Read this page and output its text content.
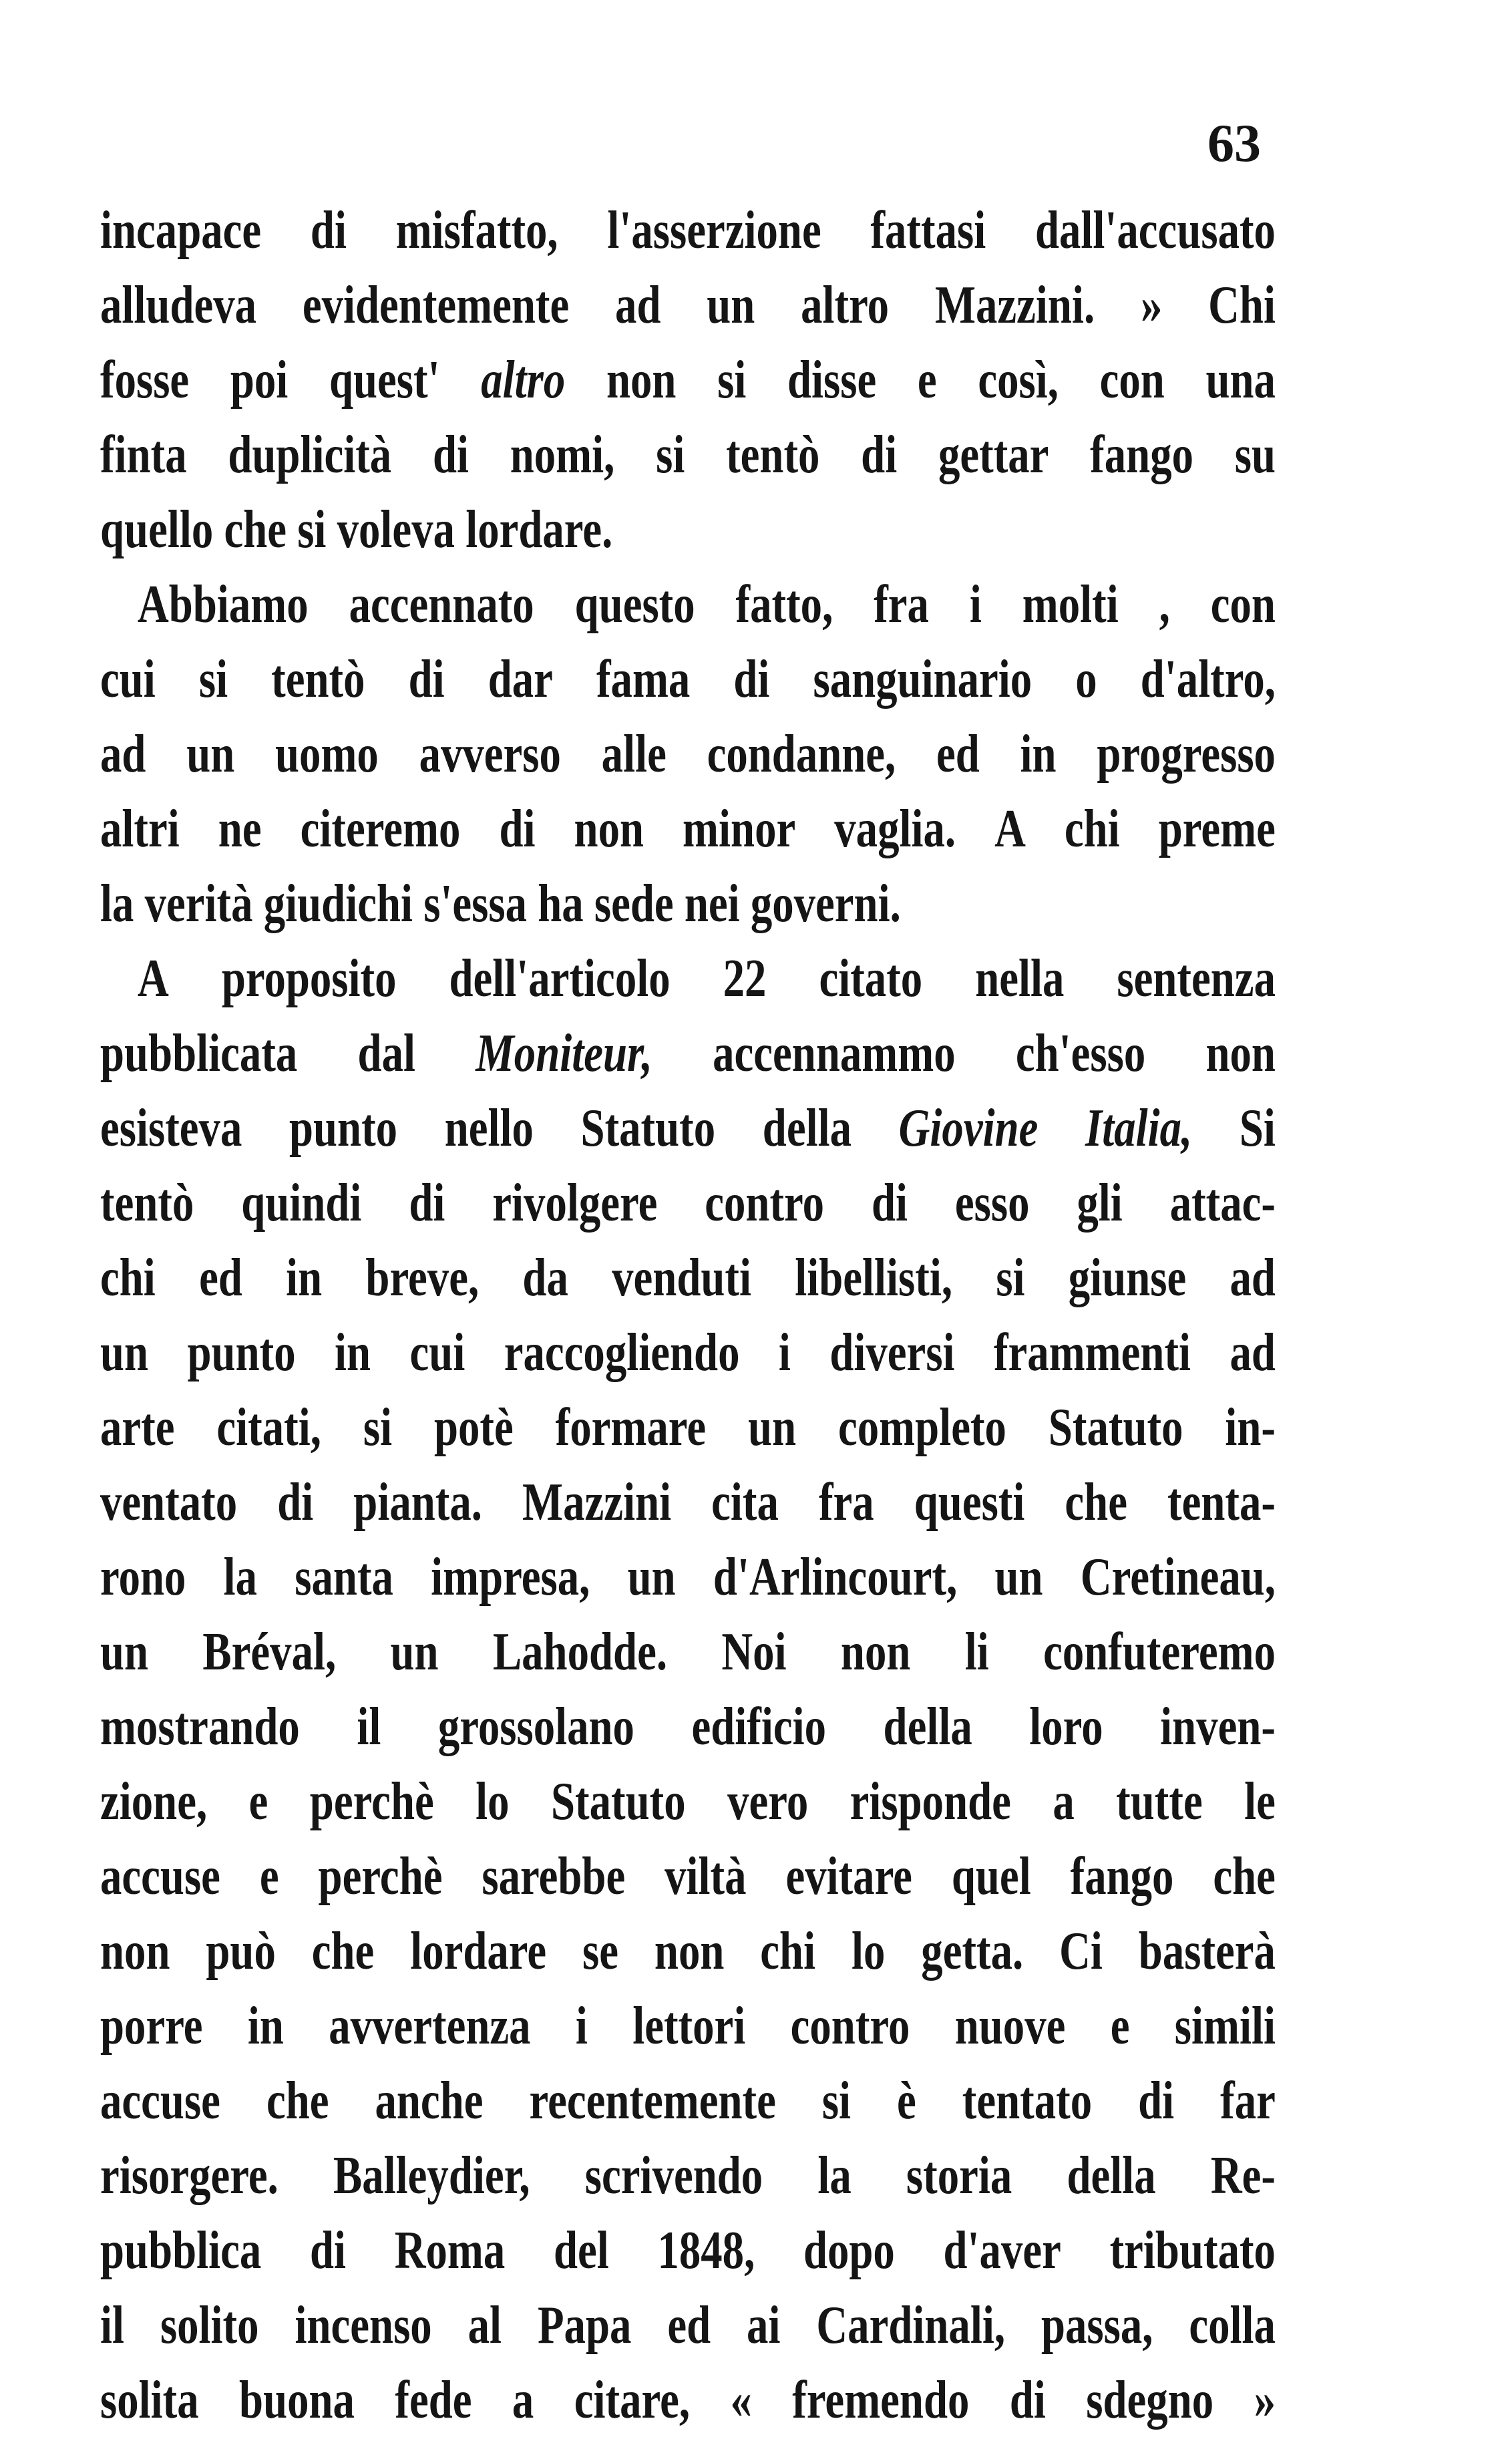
63
incapace di misfatto, l'asserzione fattasi dall'accusato
alludeva evidentemente ad un altro Mazzini. » Chi
fosse poi quest' altro non si disse e così, con una
finta duplicità di nomi, si tentò di gettar fango su
quello che si voleva lordare.
Abbiamo accennato questo fatto, fra i molti , con
cui si tentò di dar fama di sanguinario o d'altro,
ad un uomo avverso alle condanne, ed in progresso
altri ne citeremo di non minor vaglia. A chi preme
la verità giudichi s'essa ha sede nei governi.
A proposito dell'articolo 22 citato nella sentenza
pubblicata dal Moniteur, accennammo ch'esso non
esisteva punto nello Statuto della Giovine Italia, Si
tentò quindi di rivolgere contro di esso gli attac-
chi ed in breve, da venduti libellisti, si giunse ad
un punto in cui raccogliendo i diversi frammenti ad
arte citati, si potè formare un completo Statuto in-
ventato di pianta. Mazzini cita fra questi che tenta-
rono la santa impresa, un d'Arlincourt, un Cretineau,
un Bréval, un Lahodde. Noi non li confuteremo
mostrando il grossolano edificio della loro inven-
zione, e perchè lo Statuto vero risponde a tutte le
accuse e perchè sarebbe viltà evitare quel fango che
non può che lordare se non chi lo getta. Ci basterà
porre in avvertenza i lettori contro nuove e simili
accuse che anche recentemente si è tentato di far
risorgere. Balleydier, scrivendo la storia della Re-
pubblica di Roma del 1848, dopo d'aver tributato
il solito incenso al Papa ed ai Cardinali, passa, colla
solita buona fede a citare, « fremendo di sdegno »
